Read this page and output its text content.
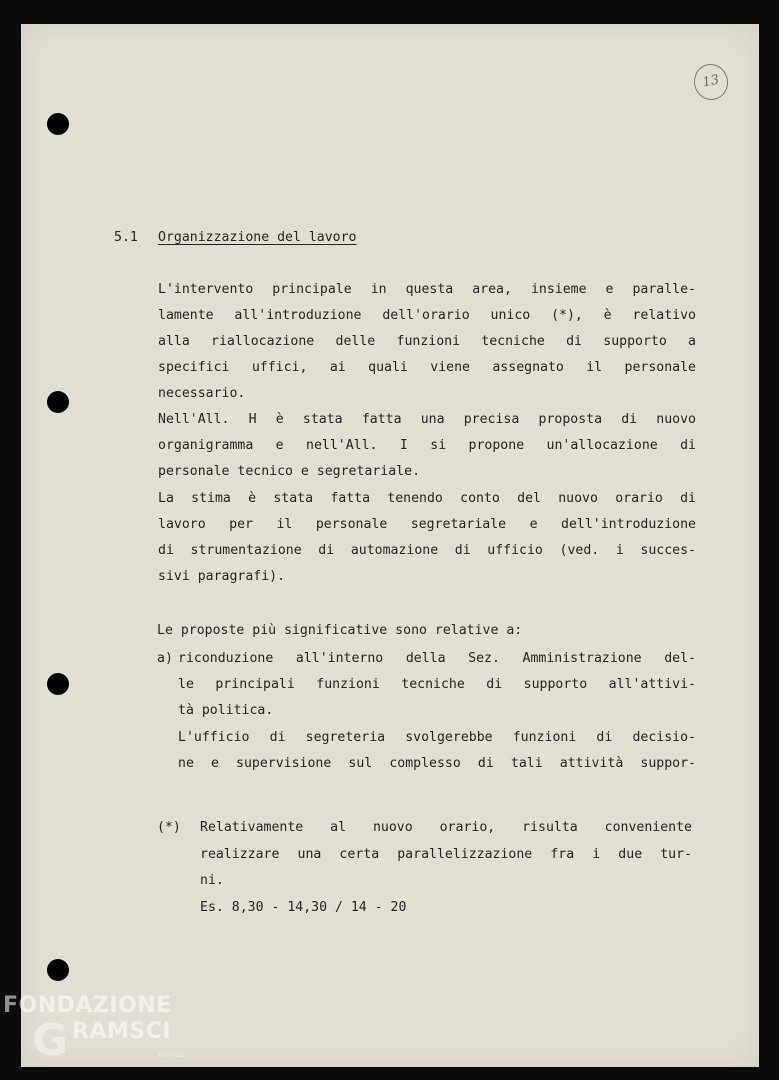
13

5.1

Organizzazione del lavoro

L'intervento principale in questa area, insieme e paralle-

lamente all'introduzione dell'orario unico (*), è relativo

alla riallocazione delle funzioni tecniche di supporto a

specifici uffici, ai quali viene assegnato il personale

necessario.

Nell'All. H è stata fatta una precisa proposta di nuovo

organigramma e nell'All. I si propone un'allocazione di

personale tecnico e segretariale.

La stima è stata fatta tenendo conto del nuovo orario di

lavoro per il personale segretariale e dell'introduzione

di strumentazione di automazione di ufficio (ved. i succes-

sivi paragrafi).

Le proposte più significative sono relative a:

a)

riconduzione all'interno della Sez. Amministrazione del-

le principali funzioni tecniche di supporto all'attivi-

tà politica.

L'ufficio di segreteria svolgerebbe funzioni di decisio-

ne e supervisione sul complesso di tali attività suppor-

(*)

Relativamente al nuovo orario, risulta conveniente

realizzare una certa parallelizzazione fra i due tur-

ni.

Es. 8,30 - 14,30 / 14 - 20

FONDAZIONE
G RAMSCI
onlus
